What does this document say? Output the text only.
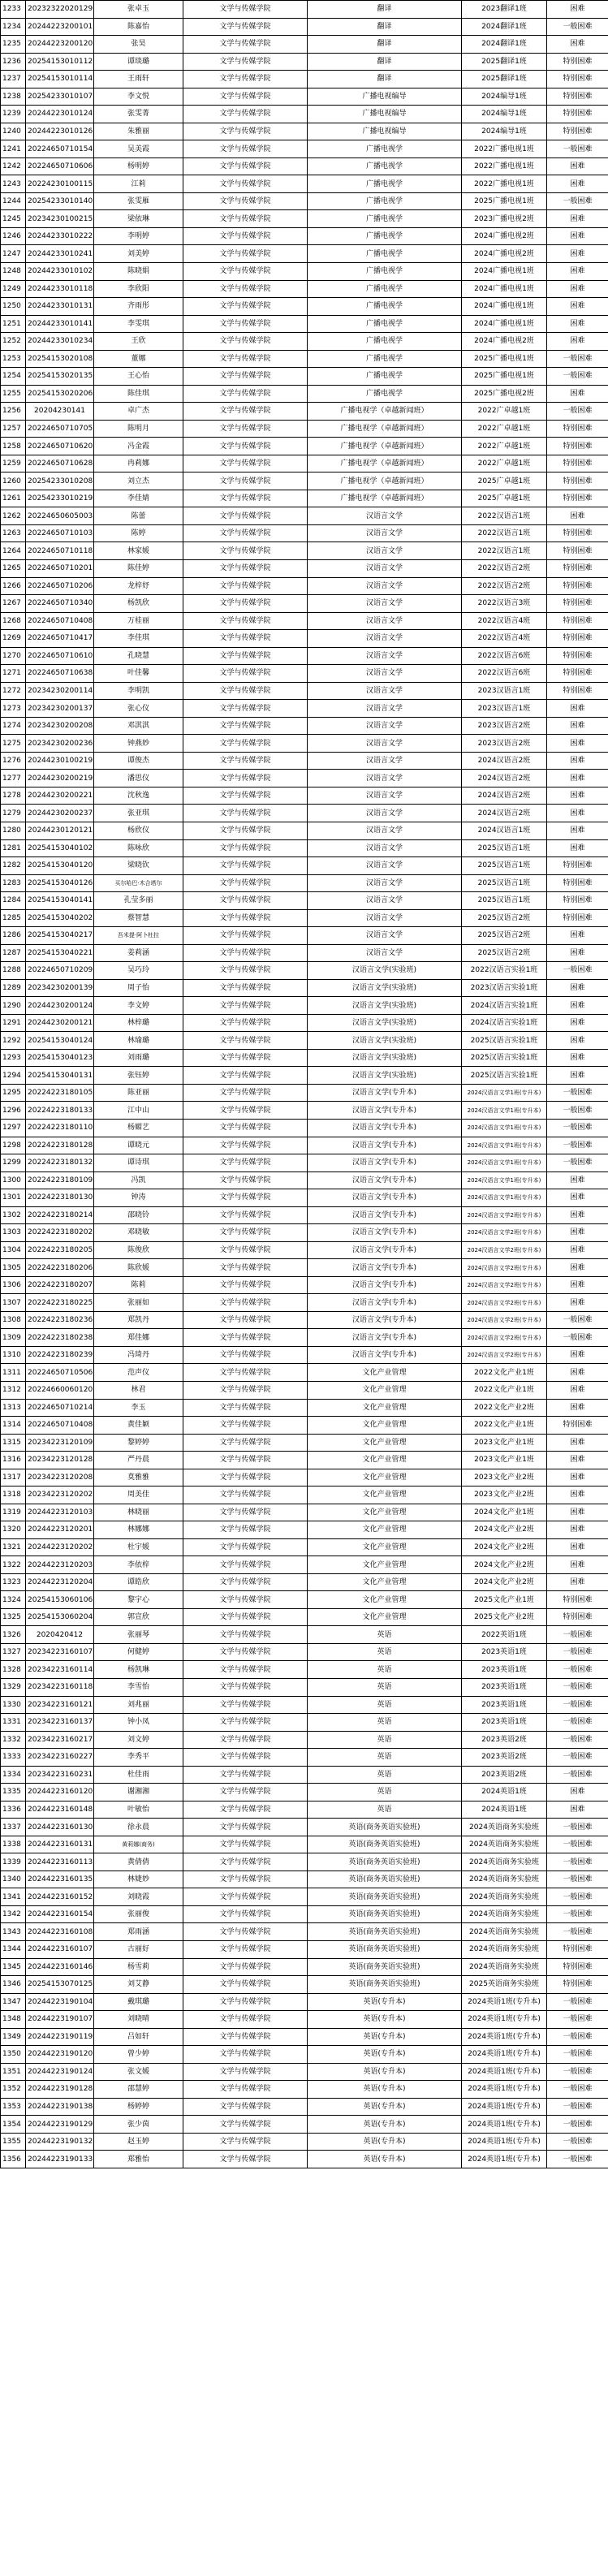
1233	20232322020129	张卓玉	文学与传媒学院	翻译	2023翻译1班	困难
1234	20244223200101	陈嘉怡	文学与传媒学院	翻译	2024翻译1班	一般困难
1235	20244223200120	张昊	文学与传媒学院	翻译	2024翻译1班	困难
1236	20254153010112	谭琰璐	文学与传媒学院	翻译	2025翻译1班	特别困难
1237	20254153010114	王雨轩	文学与传媒学院	翻译	2025翻译1班	特别困难
1238	20254233010107	李文悦	文学与传媒学院	广播电视编导	2024编导1班	特别困难
1239	20244223010124	张雯菁	文学与传媒学院	广播电视编导	2024编导1班	特别困难
1240	20244223010126	朱雅丽	文学与传媒学院	广播电视编导	2024编导1班	特别困难
1241	20224650710154	吴美霞	文学与传媒学院	广播电视学	2022广播电视1班	一般困难
1242	20224650710606	杨明婷	文学与传媒学院	广播电视学	2022广播电视1班	困难
1243	20224230100115	江莉	文学与传媒学院	广播电视学	2022广播电视1班	困难
1244	20254233010140	张雯雁	文学与传媒学院	广播电视学	2025广播电视1班	一般困难
1245	20234230100215	梁依琳	文学与传媒学院	广播电视学	2023广播电视2班	困难
1246	20244233010222	李明婷	文学与传媒学院	广播电视学	2024广播电视2班	困难
1247	20244233010241	刘美婷	文学与传媒学院	广播电视学	2024广播电视2班	困难
1248	20244233010102	陈晓娟	文学与传媒学院	广播电视学	2024广播电视1班	困难
1249	20244233010118	李欣阳	文学与传媒学院	广播电视学	2024广播电视1班	困难
1250	20244233010131	齐雨彤	文学与传媒学院	广播电视学	2024广播电视1班	困难
1251	20244233010141	李雯琪	文学与传媒学院	广播电视学	2024广播电视1班	困难
1252	20244233010234	王欣	文学与传媒学院	广播电视学	2024广播电视2班	困难
1253	20254153020108	董娜	文学与传媒学院	广播电视学	2025广播电视1班	一般困难
1254	20254153020135	王心怡	文学与传媒学院	广播电视学	2025广播电视1班	一般困难
1255	20254153020206	陈佳琪	文学与传媒学院	广播电视学	2025广播电视2班	困难
1256	20204230141	卓广杰	文学与传媒学院	广播电视学（卓越新闻班）	2022广卓越1班	一般困难
1257	20224650710705	陈明月	文学与传媒学院	广播电视学（卓越新闻班）	2022广卓越1班	特别困难
1258	20224650710620	冯金霞	文学与传媒学院	广播电视学（卓越新闻班）	2022广卓越1班	特别困难
1259	20224650710628	冉莉娜	文学与传媒学院	广播电视学（卓越新闻班）	2022广卓越1班	特别困难
1260	20254233010208	刘立杰	文学与传媒学院	广播电视学（卓越新闻班）	2025广卓越1班	特别困难
1261	20254233010219	李佳婧	文学与传媒学院	广播电视学（卓越新闻班）	2025广卓越1班	特别困难
1262	20224650605003	陈蕾	文学与传媒学院	汉语言文学	2022汉语言1班	困难
1263	20224650710103	陈婷	文学与传媒学院	汉语言文学	2022汉语言1班	特别困难
1264	20224650710118	林家媛	文学与传媒学院	汉语言文学	2022汉语言1班	特别困难
1265	20224650710201	陈佳婷	文学与传媒学院	汉语言文学	2022汉语言2班	特别困难
1266	20224650710206	龙梓妤	文学与传媒学院	汉语言文学	2022汉语言2班	特别困难
1267	20224650710340	杨凯欣	文学与传媒学院	汉语言文学	2022汉语言3班	特别困难
1268	20224650710408	万桂丽	文学与传媒学院	汉语言文学	2022汉语言4班	特别困难
1269	20224650710417	李佳琪	文学与传媒学院	汉语言文学	2022汉语言4班	特别困难
1270	20224650710610	孔晓慧	文学与传媒学院	汉语言文学	2022汉语言6班	特别困难
1271	20224650710638	叶佳馨	文学与传媒学院	汉语言文学	2022汉语言6班	特别困难
1272	20234230200114	李明凯	文学与传媒学院	汉语言文学	2023汉语言1班	特别困难
1273	20234230200137	张心仪	文学与传媒学院	汉语言文学	2023汉语言1班	困难
1274	20234230200208	邓淇淇	文学与传媒学院	汉语言文学	2023汉语言2班	困难
1275	20234230200236	钟燕妙	文学与传媒学院	汉语言文学	2023汉语言2班	困难
1276	20244230100219	谭俊杰	文学与传媒学院	汉语言文学	2024汉语言2班	困难
1277	20244230200219	潘思仪	文学与传媒学院	汉语言文学	2024汉语言2班	困难
1278	20244230200221	沈秋逸	文学与传媒学院	汉语言文学	2024汉语言2班	困难
1279	20244230200237	张亚琪	文学与传媒学院	汉语言文学	2024汉语言2班	困难
1280	20244230120121	杨欣仪	文学与传媒学院	汉语言文学	2024汉语言1班	困难
1281	20254153040102	陈咏欣	文学与传媒学院	汉语言文学	2025汉语言1班	困难
1282	20254153040120	梁晓钦	文学与传媒学院	汉语言文学	2025汉语言1班	特别困难
1283	20254153040126	买尔哈巴·木合塔尔	文学与传媒学院	汉语言文学	2025汉语言1班	特别困难
1284	20254153040141	孔莹多丽	文学与传媒学院	汉语言文学	2025汉语言1班	特别困难
1285	20254153040202	蔡智慧	文学与传媒学院	汉语言文学	2025汉语言2班	特别困难
1286	20254153040217	吾米提·阿卜杜拉	文学与传媒学院	汉语言文学	2025汉语言2班	困难
1287	20254153040221	姜莉涵	文学与传媒学院	汉语言文学	2025汉语言2班	困难
1288	20224650710209	吴巧玲	文学与传媒学院	汉语言文学(实验班)	2022汉语言实验1班	一般困难
1289	20234230200139	周子怡	文学与传媒学院	汉语言文学(实验班)	2023汉语言实验1班	困难
1290	20244230200124	李文婷	文学与传媒学院	汉语言文学(实验班)	2024汉语言实验1班	困难
1291	20244230200121	林梓璐	文学与传媒学院	汉语言文学(实验班)	2024汉语言实验1班	困难
1292	20254153040124	林瑜璐	文学与传媒学院	汉语言文学(实验班)	2025汉语言实验1班	困难
1293	20254153040123	刘雨璐	文学与传媒学院	汉语言文学(实验班)	2025汉语言实验1班	困难
1294	20254153040131	张钰婷	文学与传媒学院	汉语言文学(实验班)	2025汉语言实验1班	困难
1295	20224223180105	陈亚丽	文学与传媒学院	汉语言文学(专升本)	2024汉语言文学1班(专升本)	一般困难
1296	20224223180133	江中山	文学与传媒学院	汉语言文学(专升本)	2024汉语言文学1班(专升本)	一般困难
1297	20224223180110	杨媚艺	文学与传媒学院	汉语言文学(专升本)	2024汉语言文学1班(专升本)	一般困难
1298	20224223180128	谭晓元	文学与传媒学院	汉语言文学(专升本)	2024汉语言文学1班(专升本)	一般困难
1299	20224223180132	谭诗琪	文学与传媒学院	汉语言文学(专升本)	2024汉语言文学1班(专升本)	一般困难
1300	20224223180109	冯凯	文学与传媒学院	汉语言文学(专升本)	2024汉语言文学1班(专升本)	困难
1301	20224223180130	钟涛	文学与传媒学院	汉语言文学(专升本)	2024汉语言文学1班(专升本)	困难
1302	20224223180214	邵晓铃	文学与传媒学院	汉语言文学(专升本)	2024汉语言文学2班(专升本)	困难
1303	20224223180202	邓晓敏	文学与传媒学院	汉语言文学(专升本)	2024汉语言文学2班(专升本)	困难
1304	20224223180205	陈俊欣	文学与传媒学院	汉语言文学(专升本)	2024汉语言文学2班(专升本)	困难
1305	20224223180206	陈欣媛	文学与传媒学院	汉语言文学(专升本)	2024汉语言文学2班(专升本)	困难
1306	20224223180207	陈莉	文学与传媒学院	汉语言文学(专升本)	2024汉语言文学2班(专升本)	困难
1307	20224223180225	张丽如	文学与传媒学院	汉语言文学(专升本)	2024汉语言文学2班(专升本)	困难
1308	20224223180236	郑凯丹	文学与传媒学院	汉语言文学(专升本)	2024汉语言文学2班(专升本)	一般困难
1309	20224223180238	郑佳娜	文学与传媒学院	汉语言文学(专升本)	2024汉语言文学2班(专升本)	一般困难
1310	20224223180239	冯琦丹	文学与传媒学院	汉语言文学(专升本)	2024汉语言文学2班(专升本)	困难
1311	20224650710506	范声仪	文学与传媒学院	文化产业管理	2022文化产业1班	困难
1312	20224660060120	林君	文学与传媒学院	文化产业管理	2022文化产业1班	困难
1313	20224650710214	李玉	文学与传媒学院	文化产业管理	2022文化产业2班	困难
1314	20224650710408	黄佳颖	文学与传媒学院	文化产业管理	2022文化产业1班	特别困难
1315	20234223120109	黎婷婷	文学与传媒学院	文化产业管理	2023文化产业1班	困难
1316	20234223120128	严丹晨	文学与传媒学院	文化产业管理	2023文化产业1班	困难
1317	20234223120208	莫雅雅	文学与传媒学院	文化产业管理	2023文化产业2班	困难
1318	20234223120202	周美佳	文学与传媒学院	文化产业管理	2023文化产业2班	困难
1319	20244223120103	林晓丽	文学与传媒学院	文化产业管理	2024文化产业1班	困难
1320	20244223120201	林娜娜	文学与传媒学院	文化产业管理	2024文化产业2班	困难
1321	20244223120202	杜宇媛	文学与传媒学院	文化产业管理	2024文化产业2班	困难
1322	20244223120203	李依梓	文学与传媒学院	文化产业管理	2024文化产业2班	困难
1323	20244223120204	谭皓欣	文学与传媒学院	文化产业管理	2024文化产业2班	困难
1324	20254153060106	黎宇心	文学与传媒学院	文化产业管理	2025文化产业1班	特别困难
1325	20254153060204	郭宣欣	文学与传媒学院	文化产业管理	2025文化产业2班	特别困难
1326	2020420412	张丽琴	文学与传媒学院	英语	2022英语1班	一般困难
1327	20234223160107	何健婷	文学与传媒学院	英语	2023英语1班	一般困难
1328	20234223160114	杨凯琳	文学与传媒学院	英语	2023英语1班	一般困难
1329	20234223160118	李雪怡	文学与传媒学院	英语	2023英语1班	一般困难
1330	20234223160121	刘兆丽	文学与传媒学院	英语	2023英语1班	一般困难
1331	20234223160137	钟小凤	文学与传媒学院	英语	2023英语1班	一般困难
1332	20234223160217	刘文婷	文学与传媒学院	英语	2023英语2班	一般困难
1333	20234223160227	李秀平	文学与传媒学院	英语	2023英语2班	一般困难
1334	20234223160231	杜佳雨	文学与传媒学院	英语	2023英语2班	一般困难
1335	20244223160120	谢湘湘	文学与传媒学院	英语	2024英语1班	困难
1336	20244223160148	叶敏怡	文学与传媒学院	英语	2024英语1班	困难
1337	20244223160130	徐永晨	文学与传媒学院	英语(商务英语实验班)	2024英语商务实验班	一般困难
1338	20244223160131	黄莉娜(商务)	文学与传媒学院	英语(商务英语实验班)	2024英语商务实验班	一般困难
1339	20244223160113	黄倩倩	文学与传媒学院	英语(商务英语实验班)	2024英语商务实验班	一般困难
1340	20244223160135	林婕妙	文学与传媒学院	英语(商务英语实验班)	2024英语商务实验班	一般困难
1341	20244223160152	刘晓霞	文学与传媒学院	英语(商务英语实验班)	2024英语商务实验班	一般困难
1342	20244223160154	张丽俊	文学与传媒学院	英语(商务英语实验班)	2024英语商务实验班	一般困难
1343	20244223160108	郑雨涵	文学与传媒学院	英语(商务英语实验班)	2024英语商务实验班	一般困难
1344	20244223160107	古丽好	文学与传媒学院	英语(商务英语实验班)	2024英语商务实验班	特别困难
1345	20244223160146	杨雪莉	文学与传媒学院	英语(商务英语实验班)	2024英语商务实验班	特别困难
1346	20254153070125	刘艾静	文学与传媒学院	英语(商务英语实验班)	2025英语商务实验班	特别困难
1347	20244223190104	戴琪璐	文学与传媒学院	英语(专升本)	2024英语1班(专升本)	一般困难
1348	20244223190107	刘晓晴	文学与传媒学院	英语(专升本)	2024英语1班(专升本)	一般困难
1349	20244223190119	吕如轩	文学与传媒学院	英语(专升本)	2024英语1班(专升本)	一般困难
1350	20244223190120	曾少婷	文学与传媒学院	英语(专升本)	2024英语1班(专升本)	一般困难
1351	20244223190124	张文媛	文学与传媒学院	英语(专升本)	2024英语1班(专升本)	一般困难
1352	20244223190128	邵慧婷	文学与传媒学院	英语(专升本)	2024英语1班(专升本)	一般困难
1353	20244223190138	杨婷婷	文学与传媒学院	英语(专升本)	2024英语1班(专升本)	一般困难
1354	20244223190129	张少茵	文学与传媒学院	英语(专升本)	2024英语1班(专升本)	一般困难
1355	20244223190132	赵玉婷	文学与传媒学院	英语(专升本)	2024英语1班(专升本)	一般困难
1356	20244223190133	郑雅怡	文学与传媒学院	英语(专升本)	2024英语1班(专升本)	一般困难
